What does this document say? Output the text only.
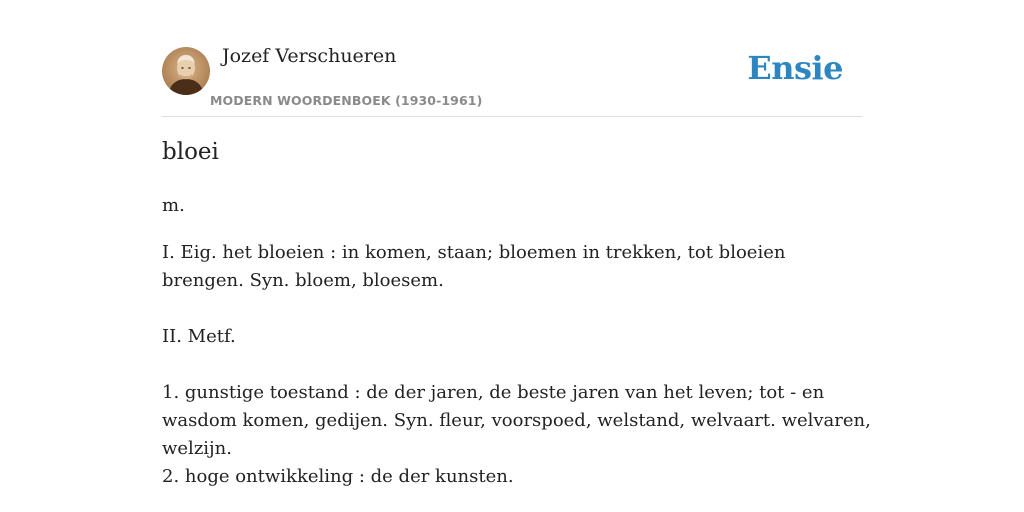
Jozef Verschueren
MODERN WOORDENBOEK (1930-1961)
Ensie
bloei

m.

I. Eig. het bloeien : in komen, staan; bloemen in trekken, tot bloeien brengen. Syn. bloem, bloesem.

II. Metf.

1. gunstige toestand : de der jaren, de beste jaren van het leven; tot - en wasdom komen, gedijen. Syn. fleur, voorspoed, welstand, welvaart. welvaren, welzijn.

2. hoge ontwikkeling : de der kunsten.
